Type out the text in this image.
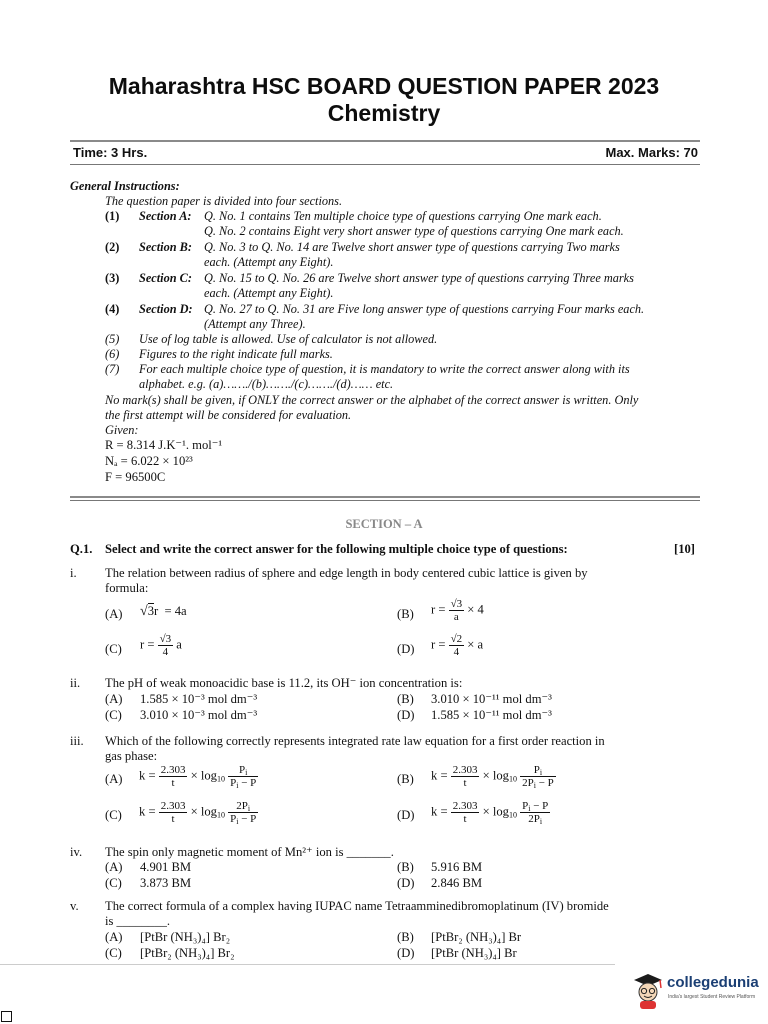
Maharashtra HSC BOARD QUESTION PAPER 2023
Chemistry
Time: 3 Hrs.	Max. Marks: 70
General Instructions:
The question paper is divided into four sections.
(1) Section A: Q. No. 1 contains Ten multiple choice type of questions carrying One mark each.
Q. No. 2 contains Eight very short answer type of questions carrying One mark each.
(2) Section B: Q. No. 3 to Q. No. 14 are Twelve short answer type of questions carrying Two marks
each. (Attempt any Eight).
(3) Section C: Q. No. 15 to Q. No. 26 are Twelve short answer type of questions carrying Three marks
each. (Attempt any Eight).
(4) Section D: Q. No. 27 to Q. No. 31 are Five long answer type of questions carrying Four marks each.
(Attempt any Three).
(5) Use of log table is allowed. Use of calculator is not allowed.
(6) Figures to the right indicate full marks.
(7) For each multiple choice type of question, it is mandatory to write the correct answer along with its
alphabet. e.g. (a)……./(b)……./(c)……./(d)…… etc.
No mark(s) shall be given, if ONLY the correct answer or the alphabet of the correct answer is written. Only
the first attempt will be considered for evaluation.
Given:
R = 8.314 J.K⁻¹. mol⁻¹
Nₐ = 6.022 × 10²³
F = 96500C
SECTION – A
Q.1. Select and write the correct answer for the following multiple choice type of questions:	[10]
i. The relation between radius of sphere and edge length in body centered cubic lattice is given by
formula:
(A) √3r  = 4a	(B) $r = \frac{√3}{a} \times 4$
(C) $r = \frac{√3}{4}$ a	(D) $r = \frac{√2}{4} \times a$
ii. The pH of weak monoacidic base is 11.2, its OH⁻ ion concentration is:
(A) 1.585 × 10⁻³ mol dm⁻³	(B) 3.010 × 10⁻¹¹ mol dm⁻³
(C) 3.010 × 10⁻³ mol dm⁻³	(D) 1.585 × 10⁻¹¹ mol dm⁻³
iii. Which of the following correctly represents integrated rate law equation for a first order reaction in
gas phase:
(A) $k = \frac{2.303}{t} \times \log_{10} \frac{P_i}{P_i - P}$	(B) $k = \frac{2.303}{t} \times \log_{10} \frac{P_i}{2P_i - P}$
(C) $k = \frac{2.303}{t} \times \log_{10} \frac{2P_i}{P_i - P}$	(D) $k = \frac{2.303}{t} \times \log_{10} \frac{P_i - P}{2P_i}$
iv. The spin only magnetic moment of Mn²⁺ ion is _______.
(A) 4.901 BM	(B) 5.916 BM
(C) 3.873 BM	(D) 2.846 BM
v. The correct formula of a complex having IUPAC name Tetraamminedibromoplatinum (IV) bromide
is ________.
(A) [PtBr (NH₃)₄] Br₂	(B) [PtBr₂ (NH₃)₄] Br
(C) [PtBr₂ (NH₃)₄] Br₂	(D) [PtBr (NH₃)₄] Br
collegedunia
India's largest Student Review Platform
